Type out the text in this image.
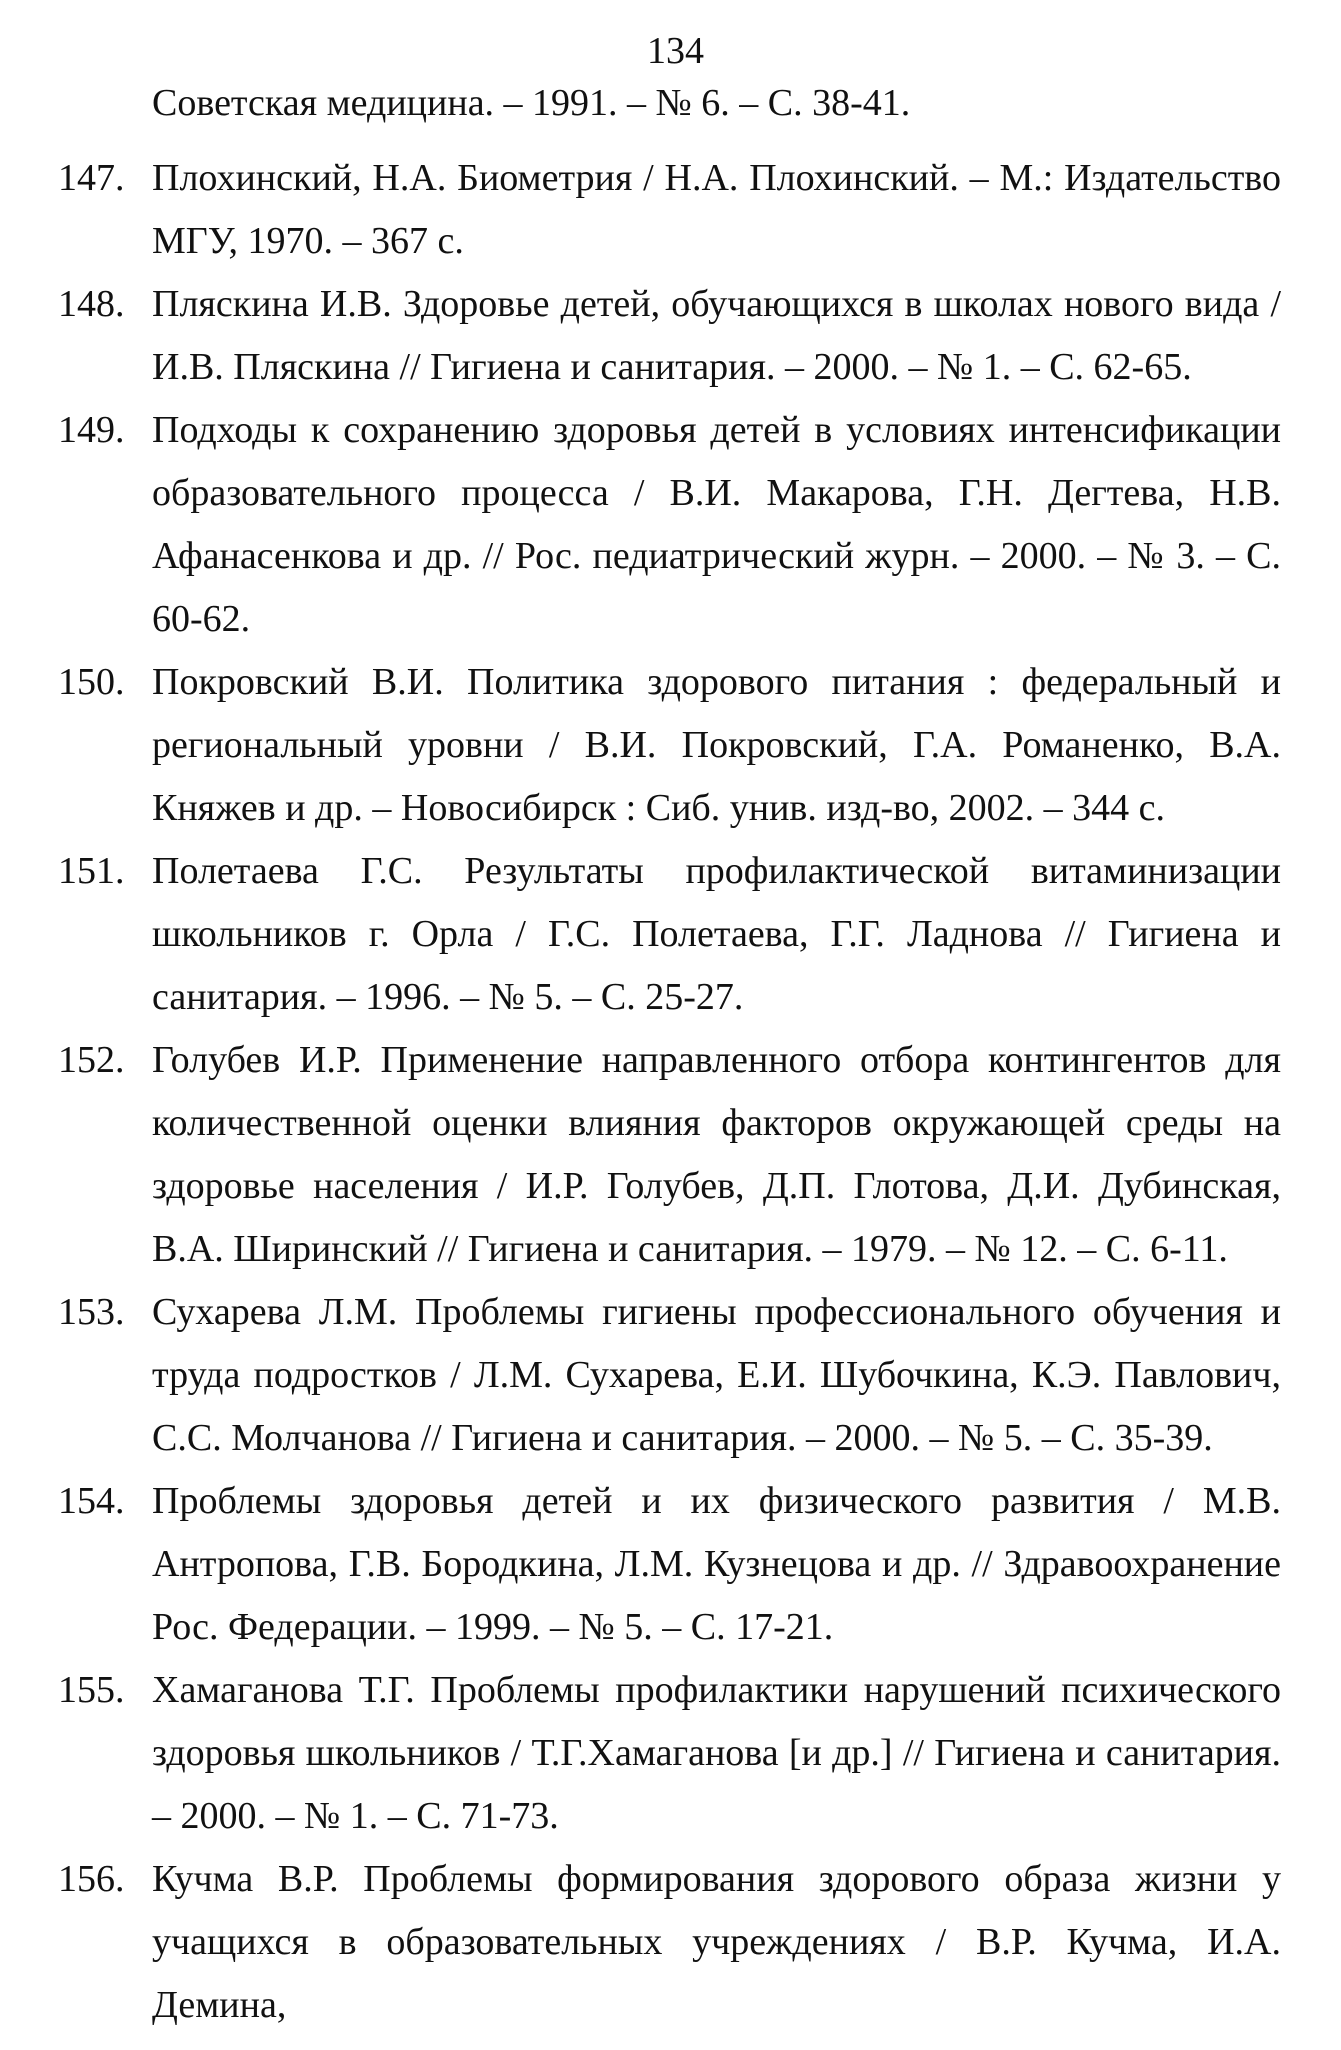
134
Советская медицина. – 1991. – № 6. – С. 38-41.
147. Плохинский, Н.А. Биометрия / Н.А. Плохинский. – М.: Издательство МГУ, 1970. – 367 с.
148. Пляскина И.В. Здоровье детей, обучающихся в школах нового вида / И.В. Пляскина // Гигиена и санитария. – 2000. – № 1. – С. 62-65.
149. Подходы к сохранению здоровья детей в условиях интенсификации образовательного процесса / В.И. Макарова, Г.Н. Дегтева, Н.В. Афанасенкова и др. // Рос. педиатрический журн. – 2000. – № 3. – С. 60-62.
150. Покровский В.И. Политика здорового питания : федеральный и региональный уровни / В.И. Покровский, Г.А. Романенко, В.А. Княжев и др. – Новосибирск : Сиб. унив. изд-во, 2002. – 344 с.
151. Полетаева Г.С. Результаты профилактической витаминизации школьников г. Орла / Г.С. Полетаева, Г.Г. Ладнова // Гигиена и санитария. – 1996. – № 5. – С. 25-27.
152. Голубев И.Р. Применение направленного отбора контингентов для количественной оценки влияния факторов окружающей среды на здоровье населения / И.Р. Голубев, Д.П. Глотова, Д.И. Дубинская, В.А. Ширинский // Гигиена и санитария. – 1979. – № 12. – С. 6-11.
153. Сухарева Л.М. Проблемы гигиены профессионального обучения и труда подростков / Л.М. Сухарева, Е.И. Шубочкина, К.Э. Павлович, С.С. Молчанова // Гигиена и санитария. – 2000. – № 5. – С. 35-39.
154. Проблемы здоровья детей и их физического развития / М.В. Антропова, Г.В. Бородкина, Л.М. Кузнецова и др. // Здравоохранение Рос. Федерации. – 1999. – № 5. – С. 17-21.
155. Хамаганова Т.Г. Проблемы профилактики нарушений психического здоровья школьников / Т.Г.Хамаганова [и др.] // Гигиена и санитария. – 2000. – № 1. – С. 71-73.
156. Кучма В.Р. Проблемы формирования здорового образа жизни у учащихся в образовательных учреждениях / В.Р. Кучма, И.А. Демина,
